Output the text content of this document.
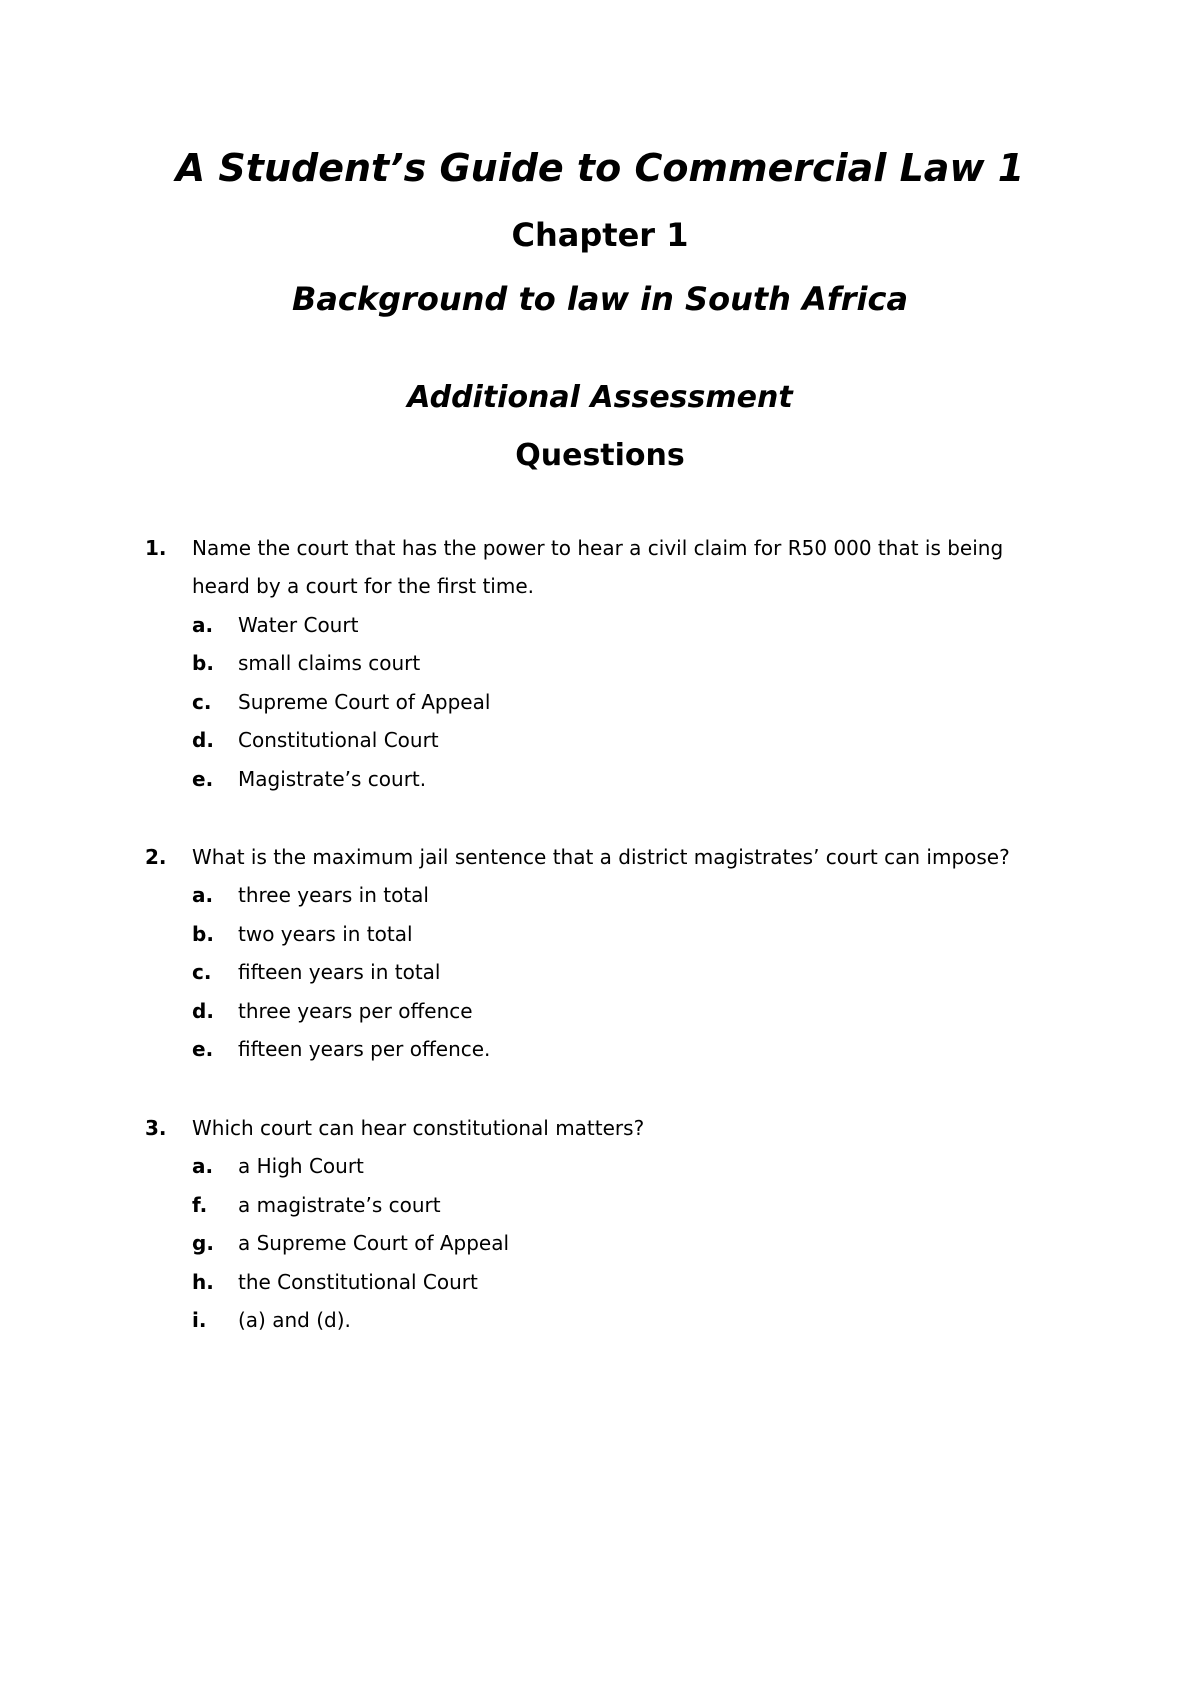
A Student’s Guide to Commercial Law 1
Chapter 1
Background to law in South Africa
Additional Assessment
Questions
1. Name the court that has the power to hear a civil claim for R50 000 that is being
heard by a court for the first time.
a. Water Court
b. small claims court
c. Supreme Court of Appeal
d. Constitutional Court
e. Magistrate’s court.
2. What is the maximum jail sentence that a district magistrates’ court can impose?
a. three years in total
b. two years in total
c. fifteen years in total
d. three years per offence
e. fifteen years per offence.
3. Which court can hear constitutional matters?
a. a High Court
f. a magistrate’s court
g. a Supreme Court of Appeal
h. the Constitutional Court
i. (a) and (d).
